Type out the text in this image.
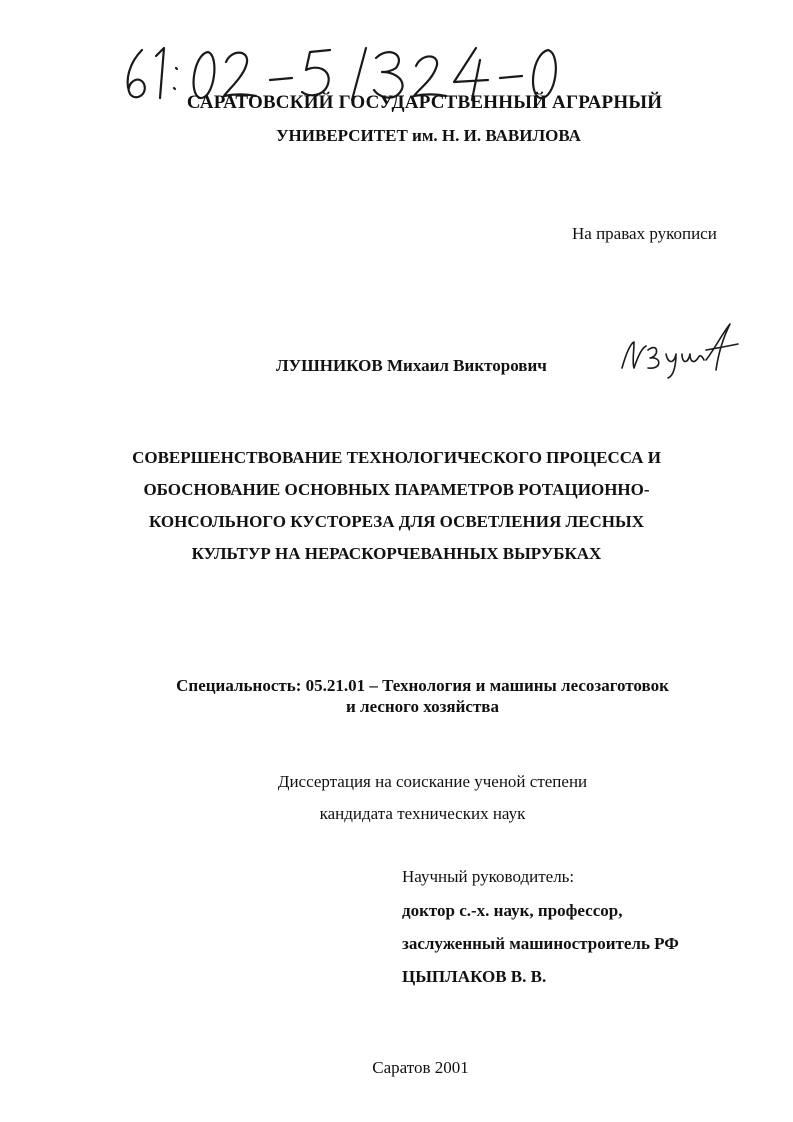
САРАТОВСКИЙ ГОСУДАРСТВЕННЫЙ АГРАРНЫЙ
УНИВЕРСИТЕТ им. Н. И. ВАВИЛОВА
На правах рукописи
ЛУШНИКОВ Михаил Викторович
СОВЕРШЕНСТВОВАНИЕ ТЕХНОЛОГИЧЕСКОГО ПРОЦЕССА И
ОБОСНОВАНИЕ ОСНОВНЫХ ПАРАМЕТРОВ РОТАЦИОННО-
КОНСОЛЬНОГО КУСТОРЕЗА ДЛЯ ОСВЕТЛЕНИЯ ЛЕСНЫХ
КУЛЬТУР НА НЕРАСКОРЧЕВАННЫХ ВЫРУБКАХ
Специальность: 05.21.01 – Технология и машины лесозаготовок
и лесного хозяйства
Диссертация на соискание ученой степени
кандидата технических наук
Научный руководитель:
доктор с.-х. наук, профессор,
заслуженный машиностроитель РФ
ЦЫПЛАКОВ В. В.
Саратов 2001
